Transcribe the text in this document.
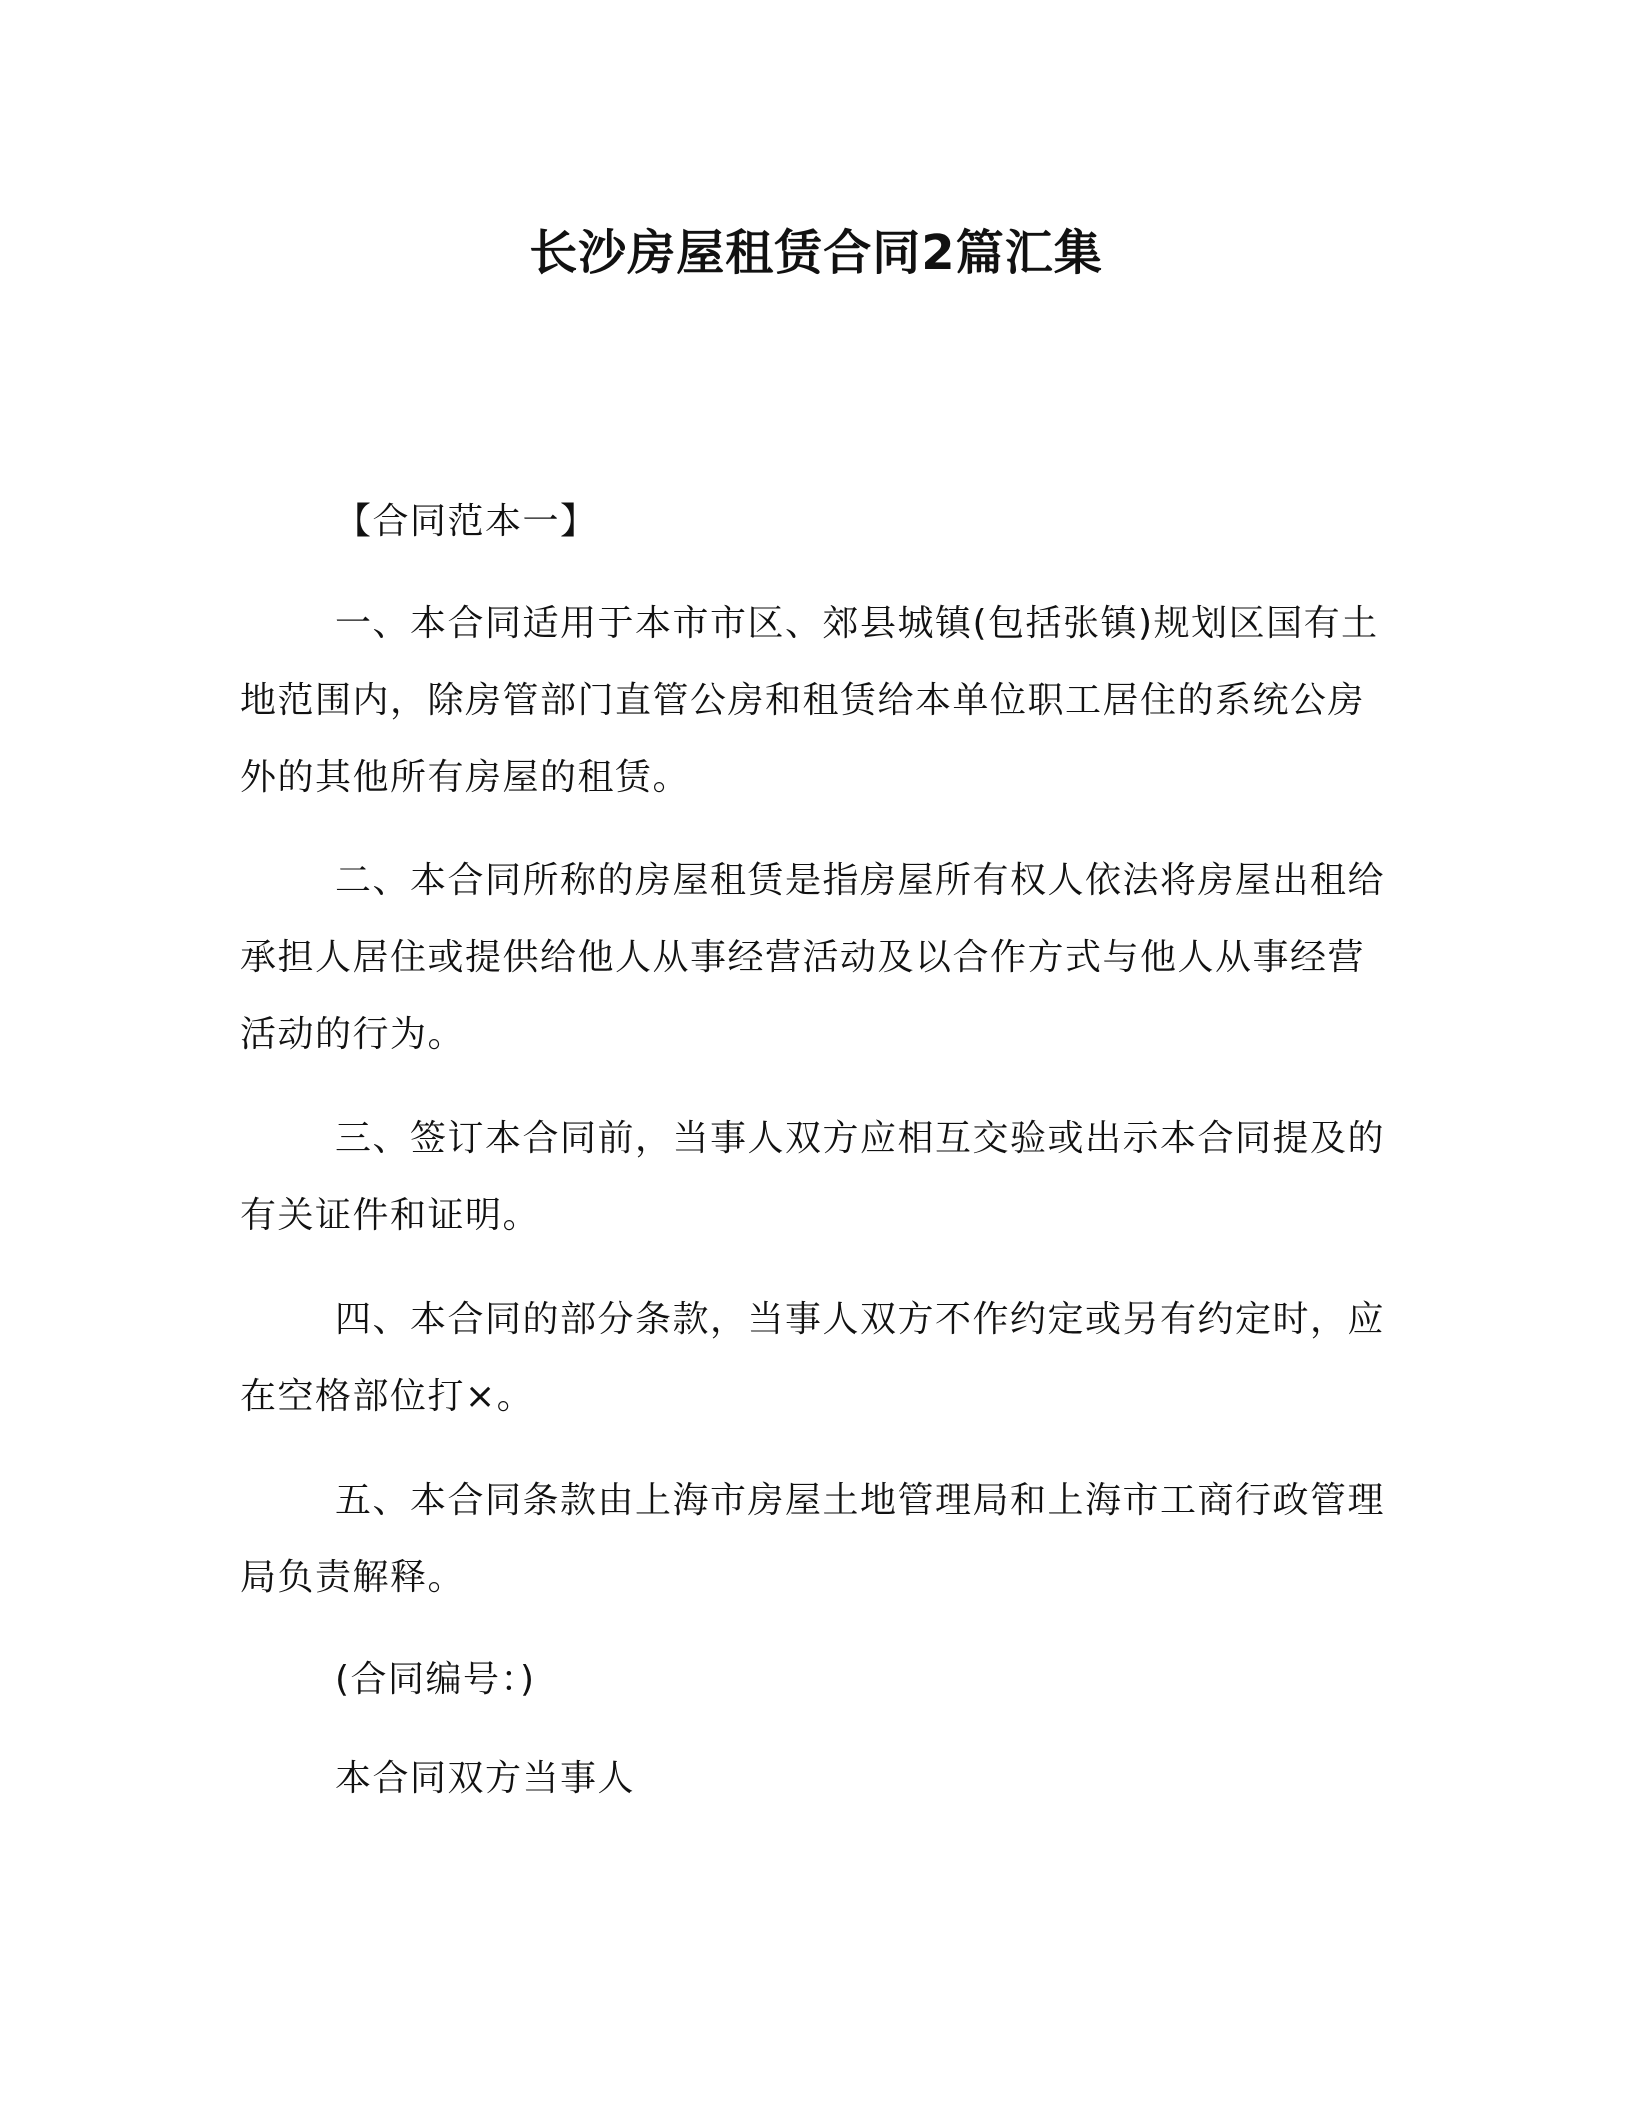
长沙房屋租赁合同2篇汇集

【合同范本一】

一、本合同适用于本市市区、郊县城镇(包括张镇)规划区国有土
地范围内，除房管部门直管公房和租赁给本单位职工居住的系统公房
外的其他所有房屋的租赁。
二、本合同所称的房屋租赁是指房屋所有权人依法将房屋出租给
承担人居住或提供给他人从事经营活动及以合作方式与他人从事经营
活动的行为。
三、签订本合同前，当事人双方应相互交验或出示本合同提及的
有关证件和证明。
四、本合同的部分条款，当事人双方不作约定或另有约定时，应
在空格部位打×。
五、本合同条款由上海市房屋土地管理局和上海市工商行政管理
局负责解释。

(合同编号：)

本合同双方当事人
